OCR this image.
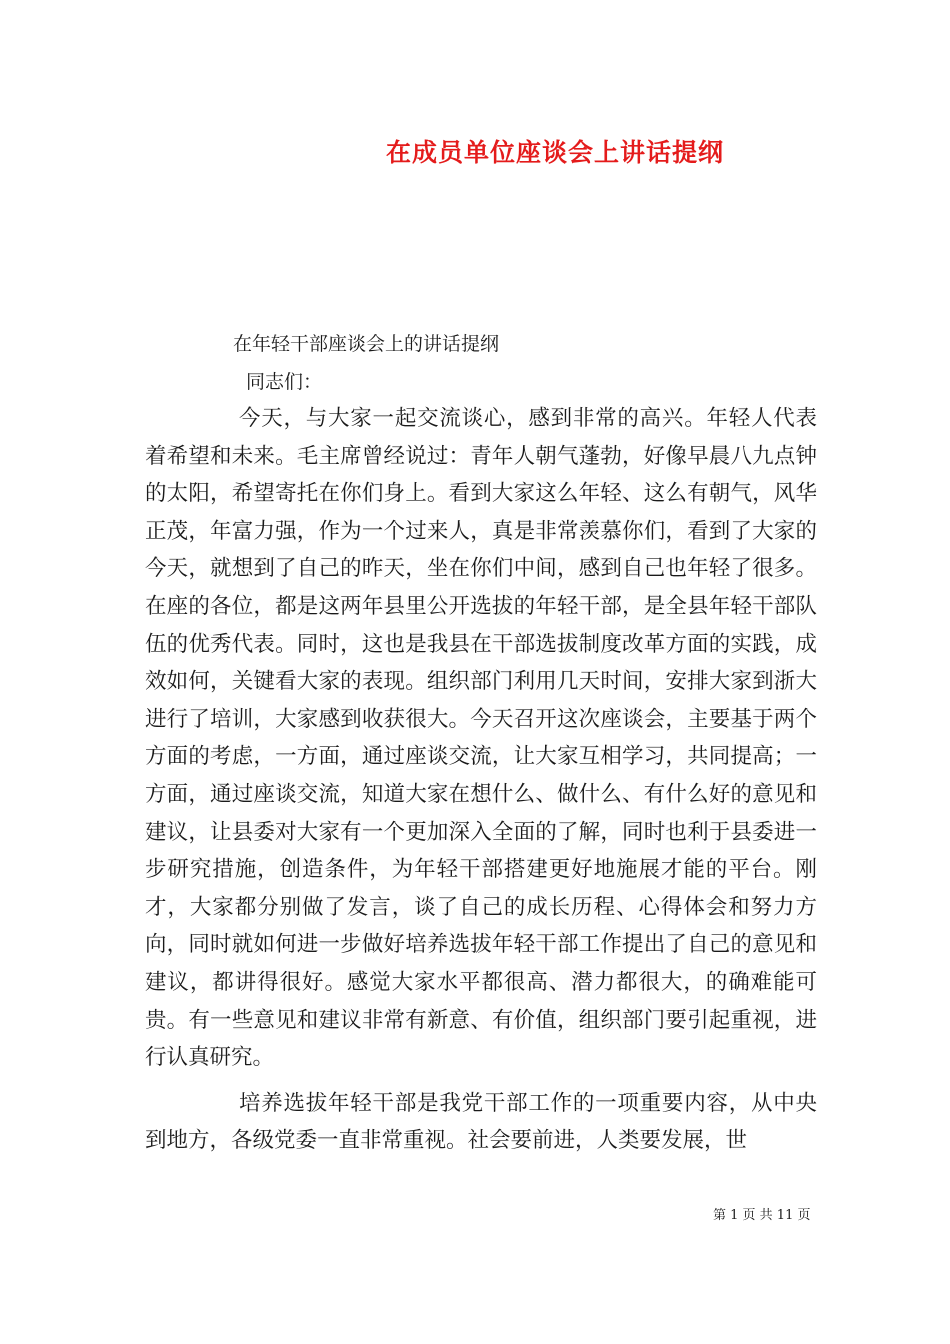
在成员单位座谈会上讲话提纲
在年轻干部座谈会上的讲话提纲
同志们：

今天，与大家一起交流谈心，感到非常的高兴。年轻人代表着希望和未来。毛主席曾经说过：青年人朝气蓬勃，好像早晨八九点钟的太阳，希望寄托在你们身上。看到大家这么年轻、这么有朝气，风华正茂，年富力强，作为一个过来人，真是非常羡慕你们，看到了大家的今天，就想到了自己的昨天，坐在你们中间，感到自己也年轻了很多。在座的各位，都是这两年县里公开选拔的年轻干部，是全县年轻干部队伍的优秀代表。同时，这也是我县在干部选拔制度改革方面的实践，成效如何，关键看大家的表现。组织部门利用几天时间，安排大家到浙大进行了培训，大家感到收获很大。今天召开这次座谈会，主要基于两个方面的考虑，一方面，通过座谈交流，让大家互相学习，共同提高；一方面，通过座谈交流，知道大家在想什么、做什么、有什么好的意见和建议，让县委对大家有一个更加深入全面的了解，同时也利于县委进一步研究措施，创造条件，为年轻干部搭建更好地施展才能的平台。刚才，大家都分别做了发言，谈了自己的成长历程、心得体会和努力方向，同时就如何进一步做好培养选拔年轻干部工作提出了自己的意见和建议，都讲得很好。感觉大家水平都很高、潜力都很大，的确难能可贵。有一些意见和建议非常有新意、有价值，组织部门要引起重视，进行认真研究。

培养选拔年轻干部是我党干部工作的一项重要内容，从中央到地方，各级党委一直非常重视。社会要前进，人类要发展，世

第 1 页 共 11 页
